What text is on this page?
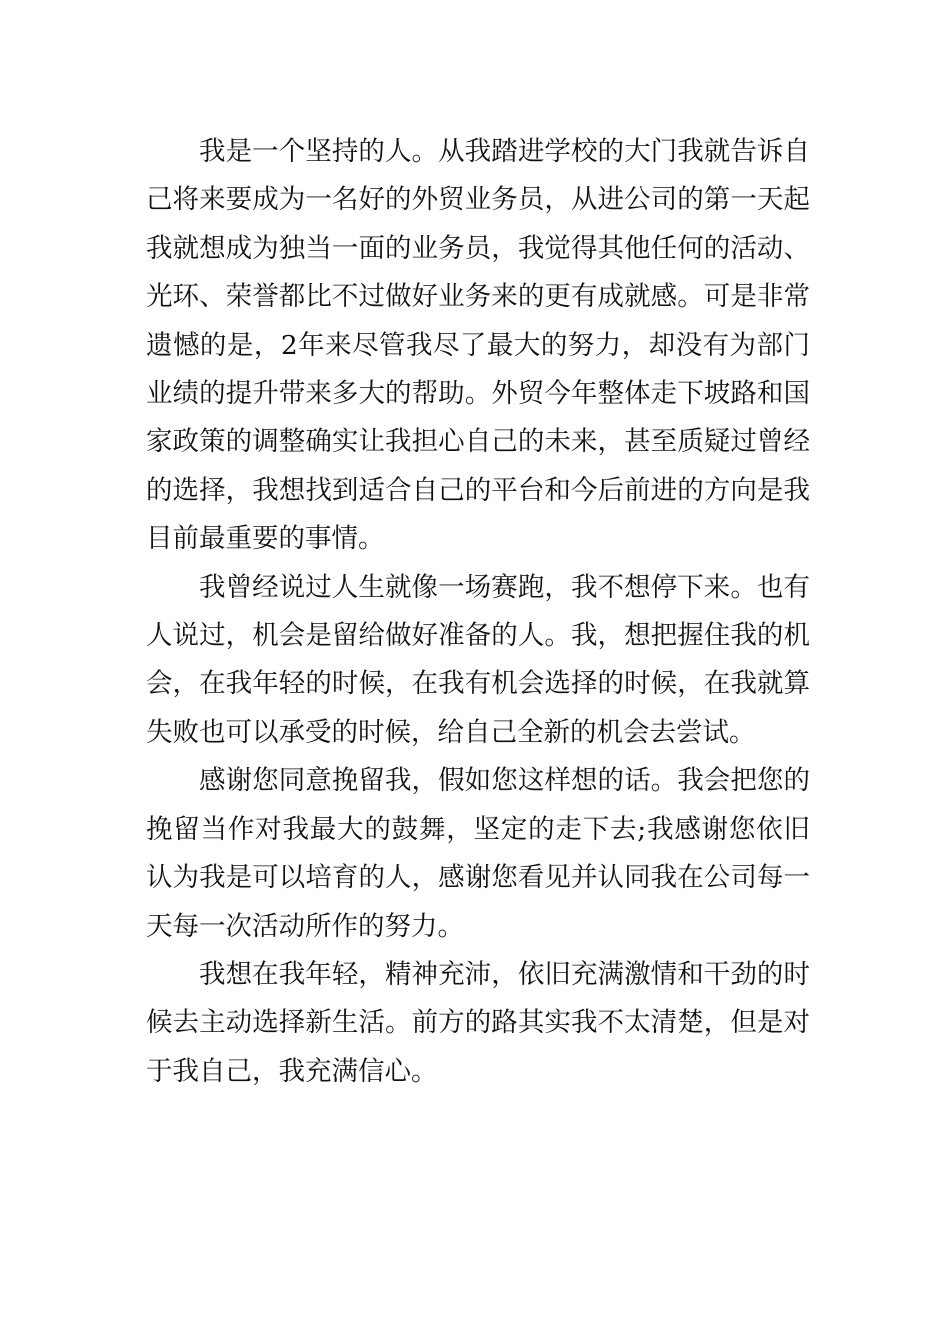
我是一个坚持的人。从我踏进学校的大门我就告诉自己将来要成为一名好的外贸业务员，从进公司的第一天起我就想成为独当一面的业务员，我觉得其他任何的活动、光环、荣誉都比不过做好业务来的更有成就感。可是非常遗憾的是，2年来尽管我尽了最大的努力，却没有为部门业绩的提升带来多大的帮助。外贸今年整体走下坡路和国家政策的调整确实让我担心自己的未来，甚至质疑过曾经的选择，我想找到适合自己的平台和今后前进的方向是我目前最重要的事情。

我曾经说过人生就像一场赛跑，我不想停下来。也有人说过，机会是留给做好准备的人。我，想把握住我的机会，在我年轻的时候，在我有机会选择的时候，在我就算失败也可以承受的时候，给自己全新的机会去尝试。

感谢您同意挽留我，假如您这样想的话。我会把您的挽留当作对我最大的鼓舞，坚定的走下去;我感谢您依旧认为我是可以培育的人，感谢您看见并认同我在公司每一天每一次活动所作的努力。

我想在我年轻，精神充沛，依旧充满激情和干劲的时候去主动选择新生活。前方的路其实我不太清楚，但是对于我自己，我充满信心。
